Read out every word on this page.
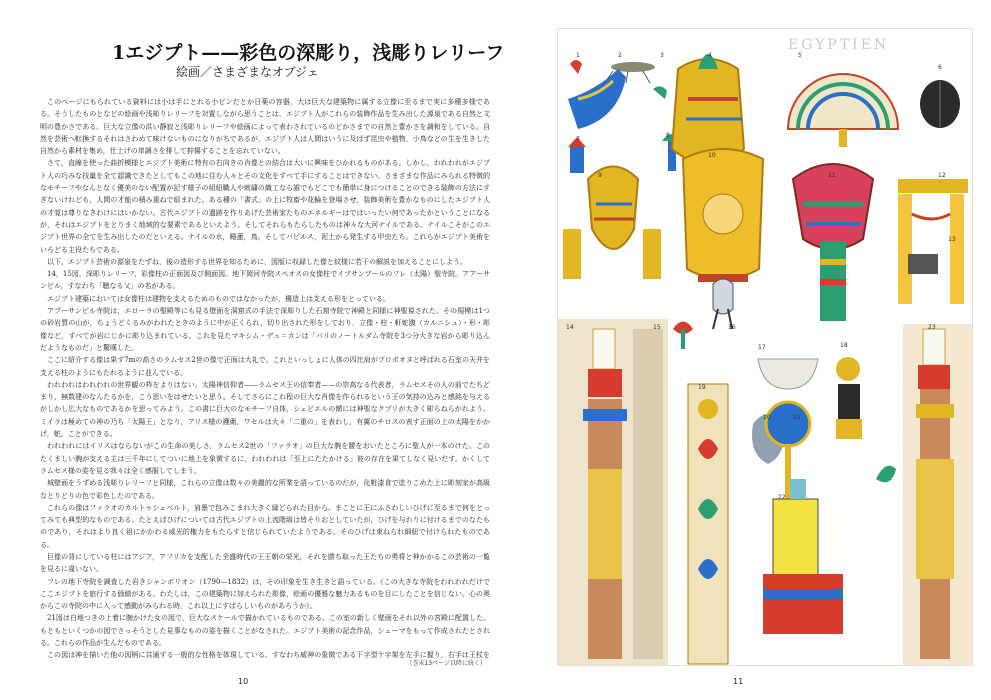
1エジプト——彩色の深彫り，浅彫りレリーフ
絵画／さまざまなオブジェ

このページにもられている資料には小は手にとれる小ビンだとか日薬の容器，大は巨大な建築物に属する立像に至るまで実に多種多様である。そうしたものとなどの絵画や浅彫りレリーフを対置しながら思うことは，エジプト人がこれらの装飾作品を生み出した源泉である自然と文明の豊かさである。巨大な立像の洪い静寂と浅彫りレリーフや絵画によって表わされているのどかさまでの自然と豊かさを調和をしている。自然を芸術へ転換するそれはさわめて味けないものになりがちであるが，エジプト人は人間はいうに及ばず昆虫や植物，小鳥などの生を生きした自然から素材を集め，仕上げの単調さを排して抑揚することを忘れていない。

さて，直線を使った曲折模様とエジプト美術に特有の右向きの肖像との結合は大いに興味をひかれるものがある。しかし，われわれがエジプト人の巧みな技量を全て認識できたとしてもこの地に住む人々とその文化をすべて手にすることはできない。さまざまな作品にみられる特徴的なモチーフやなんとなく優美のない配置が記す様子の組紐職人や刺繍の織工なら誰でもどこでも簡単に身につけることのできる装飾の方法にすぎないけれども，人間の才能の積み重ねで組まれた。ある種の「書式」の上に牧畜や花輪を登場させ，装飾美術を豊かなものにしたエジプト人の才覚は尊りなきわけにはいかない。古代エジプトの遺跡を作りあげた芸術家たちのエネルギーはではいったい何であったかということになるが，それはエジプトをとりまく地域的な要素であるといえよう。そしてそれらもたらしたものは神々な大河ナイルである。ナイルこそがこのエジプト世界の全てを生み出したのだといえる。ナイルの水，睡蓮，鳥，そしてパピルス，泥土から発生する甲虫たち。これらがエジプト美術をいろどる主役たちである。

以下，エジプト芸術の源泉をたずね，後の造形する世界を知るために，図版に収録した像と紋様に若干の解説を加えることにしよう。

14，15図，深彫りレリーフ，彩像柱の正面図及び側面図。地下岡河寺院スペオスの女像柱でイプサンブールのフレ（太陽）聖寺院。アアーサンビル，すなわち「聴なる父」の名がある。

エジプト建築においては女像柱は建物を支えるためのものではなかったが，構造上は支える形をとっている。

アブーサンビル寺院は，エローラの聖殿等にも見る壁面を洞窟式の手法で深彫りした石窟寺院で神殿と同様に神聖視された。その規模は1つの砂岩質の山が，ちょうどくるみがわれたときのように中が正くられ，切り出された形をしており，立像・柱・軒蛇腹（カルニシュ）・形・彫像など，すべてが岩にじかに彫り込まれている。これを見たマキシム・デュ＝カンは「パリのノートルダム寺院を3つ分大きな岩から彫り込んだようなものだ」と驚嘆した。

ここに紹介する像は果す7mの高さのラムセス2世の像で正面は大礼で。これといっしょに人体の四比肩がプロポオヌと呼ばれる石室の天井を支える柱のようにもたれるように並んでいる。

われわれはわれわれの世界観の枠をよりはない。太陽神信仰者——ラムセス王の信奉者——の崇高なる代表者，ラムセスその人の前でたちどまり，無数建のなんたるかを，こう思いをはせたいと思う。そしてさらにこれ程の巨大な肖像を作られるという王の気持の込みと感銘を与えるがしかし広大なものであるかを思ってみよう。この書に巨大のなモチーフ自体，シェピエルの額には神聖なクプリが大きく彫らねらがれよう。ミイラは極めての神の乃ち「太陽王」となり，アリス様の護衛，ワセルは大々「二重の」を表わし，有翼のチロスの表す正面の上の太陽をかかげ，蛇，ことができる。

われわれにはイリスはならないがこの生命の美しさ，ラムセス2世の「ファラオ」の巨大な腕を腰をおいたところに聖人が一本のけた。このたくましい腕が支える主は三千年にしてついに地上を象徴するに，われわれは「至上にたたかける」彼の存在を果てしなく見いだす。かくしてラムセス様の姿を見る我々は全く感服してしまう。

城壁面をうずめる浅彫りレリーフと同様，これらの立像は数々の美麗的な所業を語っているのだが，化粧漆食で塗りこめた上に彫刻家が高級なとりどりの色で彩色したのである。

これらの像はファラオのカルトゥシェベルト，肩墨で包みこまれ大きく縁どられた目から。まことに王にふさわしいひげに至るまで何をとってみても典型的なものである。たとえばひげについては古代エジプトの上流階級は皆そりおとしていたが，ひげを与わりに付けるまでのなたものであり，それはより良く祖にかかわる威光的権力をもたらすと信じられていたようである。そのひげは束ねられ細紐で付けられたものである。

巨像の背にしている柱にはアジア，アフリカを支配した全盛時代の王王朝の栄光，それを勝ち取った王たちの勇将と神かかるこの芸術の一覧を見るに違いない。

フレの地下寺院を調査した岩きシャンポリオン（1790—1832）は，その印象を生き生きと語っている。《この大きな寺院をわれわれだけでここエジプトを旅行する価値がある。わたしは，この建築物に加えられた彫像，絵画の優雅な魅力あるものを目にしたことを信じない。心の奥からこの寺院の中に入って感動がみられる時，これ以上にすばらしいものがあろうか》。

21図は白地つきの上着に腕かけた女の図で，巨大なスケールで描かれているものである。この室の新しく壁画をそれ以外の宮殿に配置した。もともといくつかの図でさっそうとした見事なものの姿を描くことがなされた。エジプト美術の記念作品，シェーマをもって作成されたとされる。これらの作品が生んだものである。

この図は神を描いた他の図柄に共通する一般的な性格を体現している。すなわち威神の象徴である下字型十字架を左手に握り，右手は王杖を

（巻末13ページ以降に続く）
10
EGYPTIEN
1	2	3	4	5
6
7
8
9
10
11	12
13
14	15	16
17	18
19
20	21
22
23
11
